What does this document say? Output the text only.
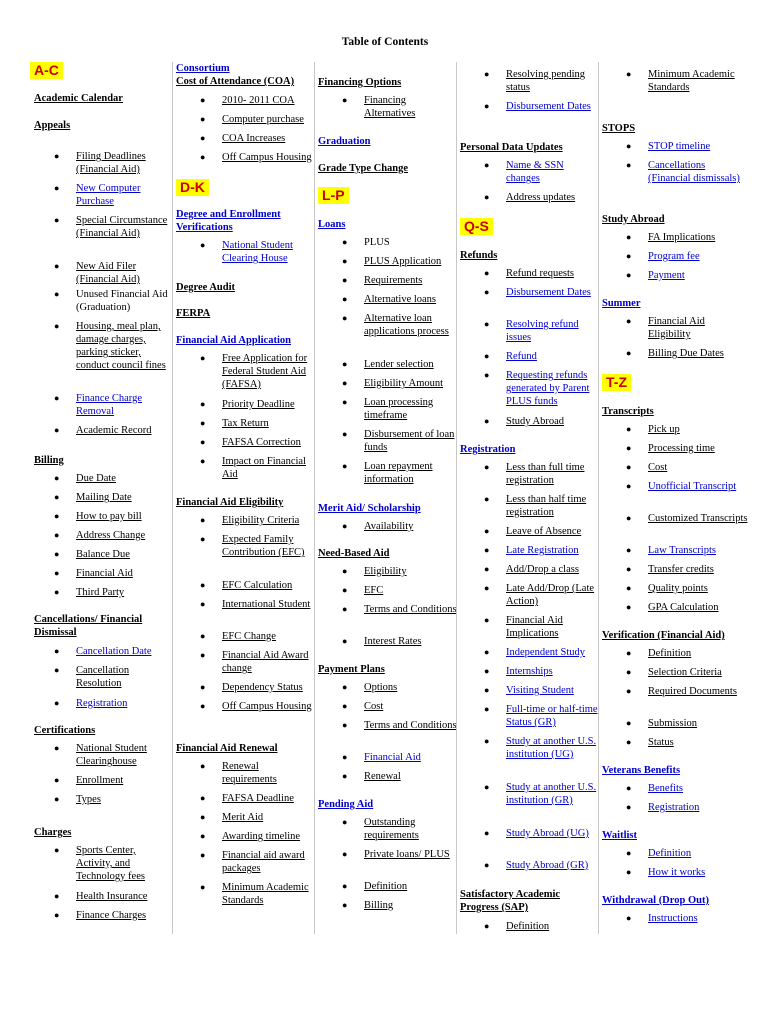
Table of Contents
A-C
Academic Calendar
Appeals
● Filing Deadlines (Financial Aid)
● New Computer Purchase
● Special Circumstance (Financial Aid)
● New Aid Filer (Financial Aid)
● Unused Financial Aid (Graduation)
● Housing, meal plan, damage charges, parking sticker, conduct council fines
● Finance Charge Removal
● Academic Record
Billing
● Due Date
● Mailing Date
● How to pay bill
● Address Change
● Balance Due
● Financial Aid
● Third Party
Cancellations/ Financial Dismissal
● Cancellation Date
● Cancellation Resolution
● Registration
Certifications
● National Student Clearinghouse
● Enrollment
● Types
Charges
● Sports Center, Activity, and Technology fees
● Health Insurance
● Finance Charges
Consortium
Cost of Attendance (COA)
● 2010- 2011 COA
● Computer purchase
● COA Increases
● Off Campus Housing
D-K
Degree and Enrollment Verifications
● National Student Clearing House
Degree Audit
FERPA
Financial Aid Application
● Free Application for Federal Student Aid (FAFSA)
● Priority Deadline
● Tax Return
● FAFSA Correction
● Impact on Financial Aid
Financial Aid Eligibility
● Eligibility Criteria
● Expected Family Contribution (EFC)
● EFC Calculation
● International Student
● EFC Change
● Financial Aid Award change
● Dependency Status
● Off Campus Housing
Financial Aid Renewal
● Renewal requirements
● FAFSA Deadline
● Merit Aid
● Awarding timeline
● Financial aid award packages
● Minimum Academic Standards
Financing Options
● Financing Alternatives
Graduation
Grade Type Change
L-P
Loans
● PLUS
● PLUS Application
● Requirements
● Alternative loans
● Alternative loan applications process
● Lender selection
● Eligibility Amount
● Loan processing timeframe
● Disbursement of loan funds
● Loan repayment information
Merit Aid/ Scholarship
● Availability
Need-Based Aid
● Eligibility
● EFC
● Terms and Conditions
● Interest Rates
Payment Plans
● Options
● Cost
● Terms and Conditions
● Financial Aid
● Renewal
Pending Aid
● Outstanding requirements
● Private loans/ PLUS
● Definition
● Billing
● Resolving pending status
● Disbursement Dates
Personal Data Updates
● Name & SSN changes
● Address updates
Q-S
Refunds
● Refund requests
● Disbursement Dates
● Resolving refund issues
● Refund
● Requesting refunds generated by Parent PLUS funds
● Study Abroad
Registration
● Less than full time registration
● Less than half time registration
● Leave of Absence
● Late Registration
● Add/Drop a class
● Late Add/Drop (Late Action)
● Financial Aid Implications
● Independent Study
● Internships
● Visiting Student
● Full-time or half-time Status (GR)
● Study at another U.S. institution (UG)
● Study at another U.S. institution (GR)
● Study Abroad (UG)
● Study Abroad (GR)
Satisfactory Academic Progress (SAP)
● Definition
● Minimum Academic Standards
STOPS
● STOP timeline
● Cancellations (Financial dismissals)
Study Abroad
● FA Implications
● Program fee
● Payment
Summer
● Financial Aid Eligibility
● Billing Due Dates
T-Z
Transcripts
● Pick up
● Processing time
● Cost
● Unofficial Transcript
● Customized Transcripts
● Law Transcripts
● Transfer credits
● Quality points
● GPA Calculation
Verification (Financial Aid)
● Definition
● Selection Criteria
● Required Documents
● Submission
● Status
Veterans Benefits
● Benefits
● Registration
Waitlist
● Definition
● How it works
Withdrawal (Drop Out)
● Instructions
